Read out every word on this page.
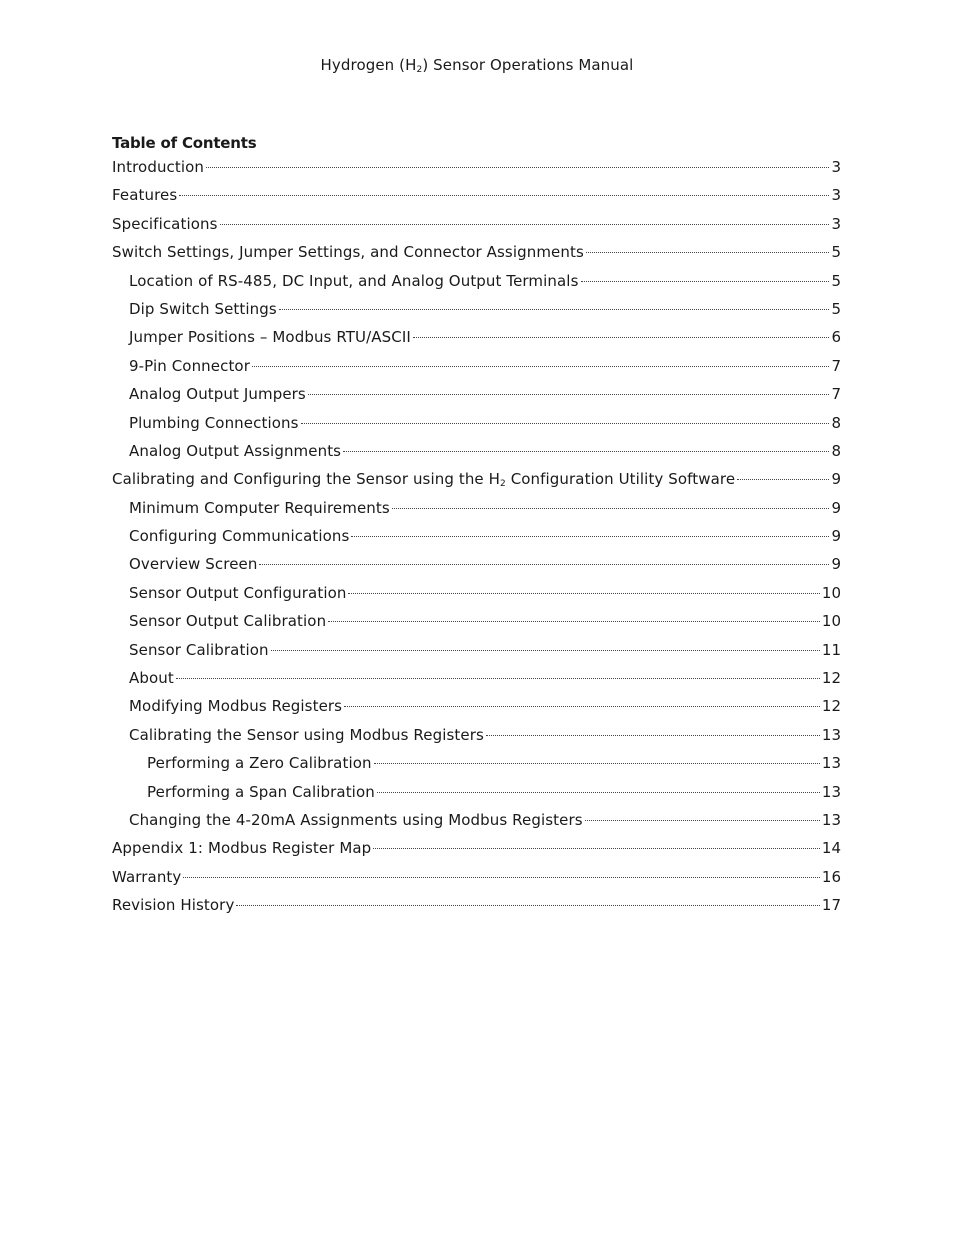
Hydrogen $(H_2)$ Sensor Operations Manual
Table of Contents
Introduction	3
Features	3
Specifications	3
Switch Settings, Jumper Settings, and Connector Assignments	5
Location of RS-485, DC Input, and Analog Output Terminals	5
Dip Switch Settings	5
Jumper Positions – Modbus RTU/ASCII	6
9-Pin Connector	7
Analog Output Jumpers	7
Plumbing Connections	8
Analog Output Assignments	8
Calibrating and Configuring the Sensor using the $H_2$ Configuration Utility Software	9
Minimum Computer Requirements	9
Configuring Communications	9
Overview Screen	9
Sensor Output Configuration	10
Sensor Output Calibration	10
Sensor Calibration	11
About	12
Modifying Modbus Registers	12
Calibrating the Sensor using Modbus Registers	13
Performing a Zero Calibration	13
Performing a Span Calibration	13
Changing the 4-20mA Assignments using Modbus Registers	13
Appendix 1: Modbus Register Map	14
Warranty	16
Revision History	17
